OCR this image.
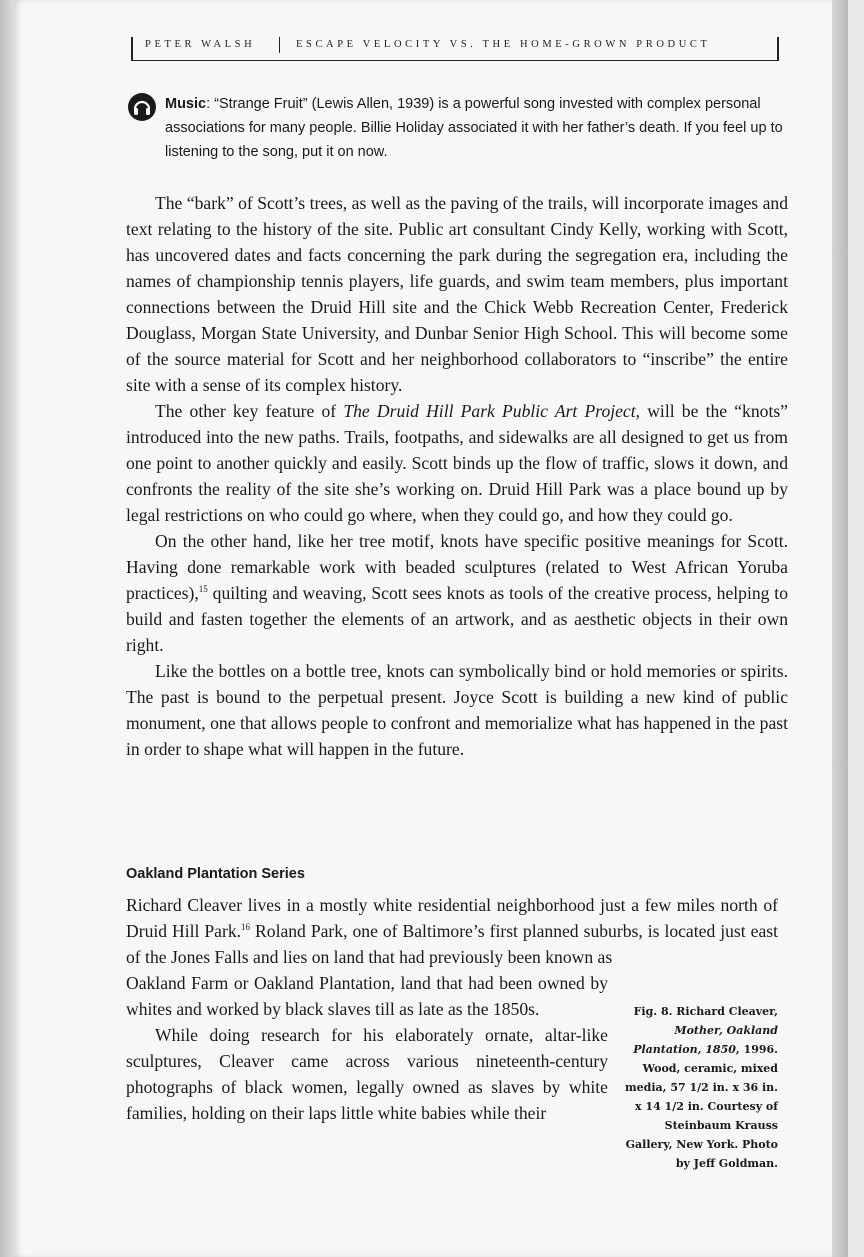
PETER WALSH	ESCAPE VELOCITY VS. THE HOME-GROWN PRODUCT
Music: “Strange Fruit” (Lewis Allen, 1939) is a powerful song invested with complex personal associations for many people. Billie Holiday associated it with her father’s death. If you feel up to listening to the song, put it on now.

The “bark” of Scott’s trees, as well as the paving of the trails, will incorporate images and text relating to the history of the site. Public art consultant Cindy Kelly, working with Scott, has uncovered dates and facts concerning the park during the segregation era, including the names of championship tennis players, life guards, and swim team members, plus important connections between the Druid Hill site and the Chick Webb Recreation Center, Frederick Douglass, Morgan State University, and Dunbar Senior High School. This will become some of the source material for Scott and her neighborhood collaborators to “inscribe” the entire site with a sense of its complex history.

The other key feature of The Druid Hill Park Public Art Project, will be the “knots” introduced into the new paths. Trails, footpaths, and sidewalks are all designed to get us from one point to another quickly and easily. Scott binds up the flow of traffic, slows it down, and confronts the reality of the site she’s working on. Druid Hill Park was a place bound up by legal restrictions on who could go where, when they could go, and how they could go.

On the other hand, like her tree motif, knots have specific positive meanings for Scott. Having done remarkable work with beaded sculptures (related to West African Yoruba practices),$^{15}$ quilting and weaving, Scott sees knots as tools of the creative process, helping to build and fasten together the elements of an artwork, and as aesthetic objects in their own right.

Like the bottles on a bottle tree, knots can symbolically bind or hold memories or spirits. The past is bound to the perpetual present. Joyce Scott is building a new kind of public monument, one that allows people to confront and memorialize what has happened in the past in order to shape what will happen in the future.

Oakland Plantation Series

Richard Cleaver lives in a mostly white residential neighborhood just a few miles north of Druid Hill Park.$^{16}$ Roland Park, one of Baltimore’s first planned suburbs, is located just east of the Jones Falls and lies on land that had previously been known as

Oakland Farm or Oakland Plantation, land that had been owned by whites and worked by black slaves till as late as the 1850s.

While doing research for his elaborately ornate, altar-like sculptures, Cleaver came across various nineteenth-century photographs of black women, legally owned as slaves by white families, holding on their laps little white babies while their

Fig. 8. Richard Cleaver, Mother, Oakland Plantation, 1850, 1996. Wood, ceramic, mixed media, 57 1/2 in. x 36 in. x 14 1/2 in. Courtesy of Steinbaum Krauss Gallery, New York. Photo by Jeff Goldman.
